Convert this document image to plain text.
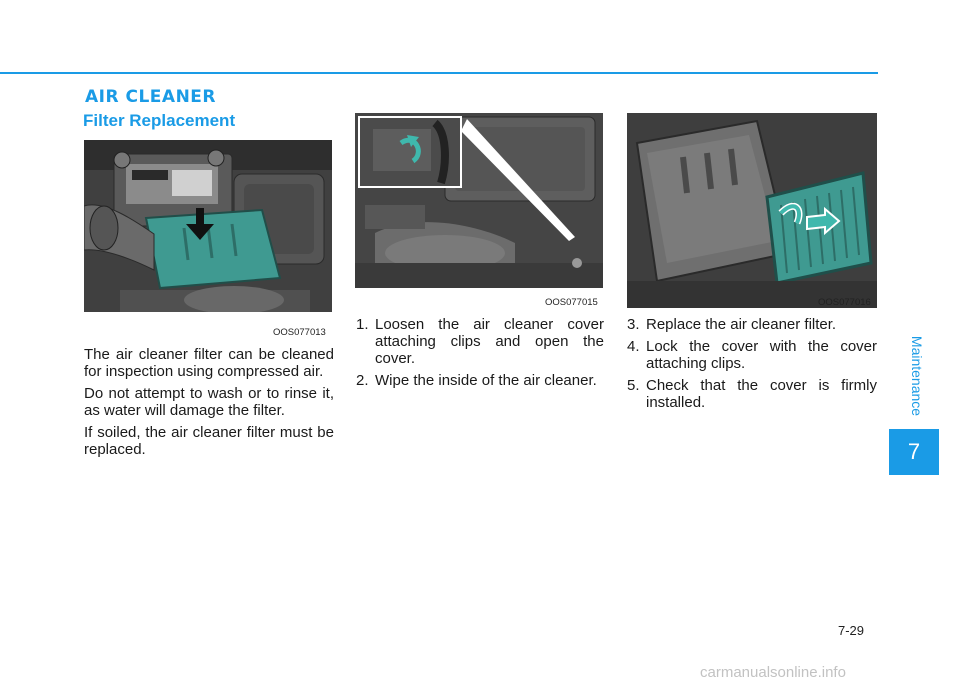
AIR CLEANER
Filter Replacement
OOS077013
OOS077015	OOS077016

The air cleaner filter can be cleaned for inspection using compressed air.

Do not attempt to wash or to rinse it, as water will damage the filter.

If soiled, the air cleaner filter must be replaced.

1. Loosen the air cleaner cover attaching clips and open the cover.
2. Wipe the inside of the air cleaner.
3. Replace the air cleaner filter.
4. Lock the cover with the cover attaching clips.
5. Check that the cover is firmly installed.	Maintenance
7
7-29
carmanualsonline.info
